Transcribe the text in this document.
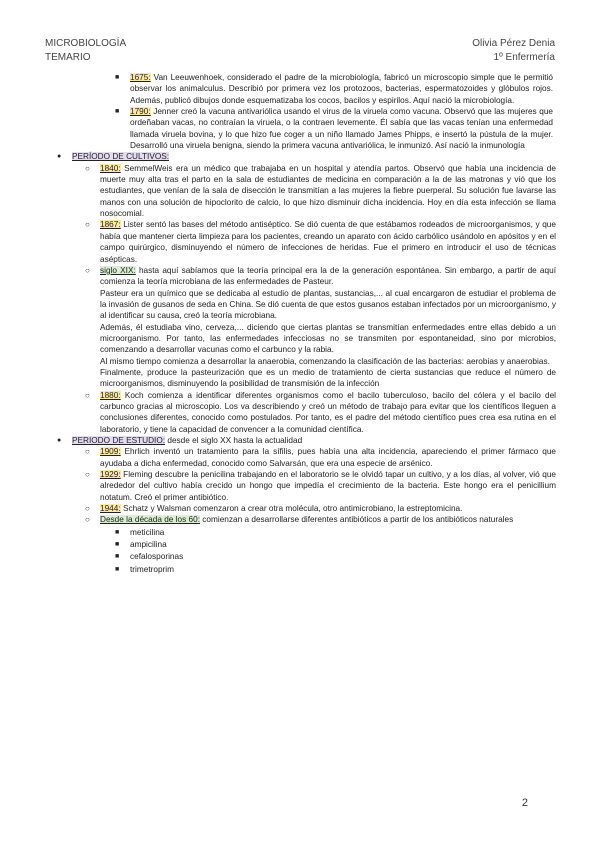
MICROBIOLOGÍA
TEMARIO
Olivia Pérez Denia
1º Enfermería
■ 1675: Van Leeuwenhoek, considerado el padre de la microbiología, fabricó un microscopio simple que le permitió observar los animalculus. Describió por primera vez los protozoos, bacterias, espermatozoides y glóbulos rojos. Además, publicó dibujos donde esquematizaba los cocos, bacilos y espirilos. Aquí nació la microbiología.
■ 1790: Jenner creó la vacuna antivariólica usando el virus de la viruela como vacuna. Observó que las mujeres que ordeñaban vacas, no contraían la viruela, o la contraen levemente. Él sabía que las vacas tenían una enfermedad llamada viruela bovina, y lo que hizo fue coger a un niño llamado James Phipps, e insertó la pústula de la mujer. Desarrolló una viruela benigna, siendo la primera vacuna antivariólica, le inmunizó. Así nació la inmunología
● PERÍODO DE CULTIVOS:
○ 1840: SemmelWeis era un médico que trabajaba en un hospital y atendía partos. Observó que había una incidencia de muerte muy alta tras el parto en la sala de estudiantes de medicina en comparación a la de las matronas y vió que los estudiantes, que venían de la sala de disección le transmitían a las mujeres la fiebre puerperal. Su solución fue lavarse las manos con una solución de hipoclorito de calcio, lo que hizo disminuir dicha incidencia. Hoy en día esta infección se llama nosocomial.
○ 1867: Lister sentó las bases del método antiséptico. Se dió cuenta de que estábamos rodeados de microorganismos, y que había que mantener cierta limpieza para los pacientes, creando un aparato con ácido carbólico usándolo en apósitos y en el campo quirúrgico, disminuyendo el número de infecciones de heridas. Fue el primero en introducir el uso de técnicas asépticas.
○ siglo XIX: hasta aquí sabíamos que la teoría principal era la de la generación espontánea. Sin embargo, a partir de aquí comienza la teoría microbiana de las enfermedades de Pasteur.
Pasteur era un químico que se dedicaba al estudio de plantas, sustancias,... al cual encargaron de estudiar el problema de la invasión de gusanos de seda en China. Se dió cuenta de que estos gusanos estaban infectados por un microorganismo, y al identificar su causa, creó la teoría microbiana.
Además, él estudiaba vino, cerveza,... diciendo que ciertas plantas se transmitían enfermedades entre ellas debido a un microorganismo. Por tanto, las enfermedades infecciosas no se transmiten por espontaneidad, sino por microbios, comenzando a desarrollar vacunas como el carbunco y la rabia.
Al mismo tiempo comienza a desarrollar la anaerobia, comenzando la clasificación de las bacterias: aerobias y anaerobias.
Finalmente, produce la pasteurización que es un medio de tratamiento de cierta sustancias que reduce el número de microorganismos, disminuyendo la posibilidad de transmisión de la infección
○ 1880: Koch comienza a identificar diferentes organismos como el bacilo tuberculoso, bacilo del cólera y el bacilo del carbunco gracias al microscopio. Los va describiendo y creó un método de trabajo para evitar que los científicos lleguen a conclusiones diferentes, conocido como postulados. Por tanto, es el padre del método científico pues crea esa rutina en el laboratorio, y tiene la capacidad de convencer a la comunidad científica.
● PERIODO DE ESTUDIO: desde el siglo XX hasta la actualidad
○ 1909: Ehrlich inventó un tratamiento para la sífilis, pues había una alta incidencia, apareciendo el primer fármaco que ayudaba a dicha enfermedad, conocido como Salvarsán, que era una especie de arsénico.
○ 1929: Fleming descubre la penicilina trabajando en el laboratorio se le olvidó tapar un cultivo, y a los días, al volver, vió que alrededor del cultivo había crecido un hongo que impedía el crecimiento de la bacteria. Este hongo era el penicillium notatum. Creó el primer antibiótico.
○ 1944: Schatz y Walsman comenzaron a crear otra molécula, otro antimicrobiano, la estreptomicina.
○ Desde la década de los 60: comienzan a desarrollarse diferentes antibióticos a partir de los antibióticos naturales
■ meticilina
■ ampicilina
■ cefalosporinas
■ trimetroprim
2
